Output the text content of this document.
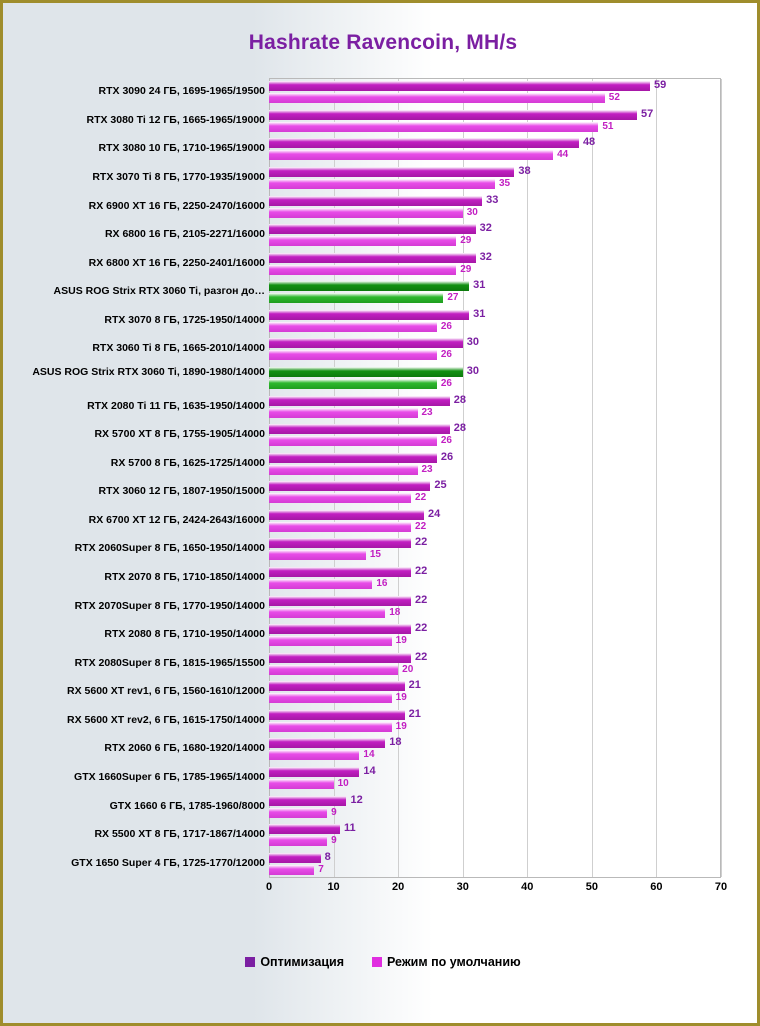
Hashrate Ravencoin, MH/s
RTX 3090 24 ГБ, 1695-1965/19500	59
52
RTX 3080 Ti 12 ГБ, 1665-1965/19000	57
51
RTX 3080 10 ГБ, 1710-1965/19000	48
44
RTX 3070 Ti 8 ГБ, 1770-1935/19000	38
35
RX 6900 XT 16 ГБ, 2250-2470/16000	33
30
RX 6800 16 ГБ, 2105-2271/16000	32
29
RX 6800 XT 16 ГБ, 2250-2401/16000	32
29
ASUS ROG Strix RTX 3060 Ti, разгон до…	31
27
RTX 3070 8 ГБ, 1725-1950/14000	31
26
RTX 3060 Ti 8 ГБ, 1665-2010/14000	30
26
ASUS ROG Strix RTX 3060 Ti, 1890-1980/14000	30
26
RTX 2080 Ti 11 ГБ, 1635-1950/14000	28
23
RX 5700 XT 8 ГБ, 1755-1905/14000	28
26
RX 5700 8 ГБ, 1625-1725/14000	26
23
RTX 3060 12 ГБ, 1807-1950/15000	25
22
RX 6700 XT 12 ГБ, 2424-2643/16000	24
22
RTX 2060Super 8 ГБ, 1650-1950/14000	22
15
RTX 2070 8 ГБ, 1710-1850/14000	22
16
RTX 2070Super 8 ГБ, 1770-1950/14000	22
18
RTX 2080 8 ГБ, 1710-1950/14000	22
19
RTX 2080Super 8 ГБ, 1815-1965/15500	22
20
RX 5600 XT rev1, 6 ГБ, 1560-1610/12000	21
19
RX 5600 XT rev2, 6 ГБ, 1615-1750/14000	21
19
RTX 2060 6 ГБ, 1680-1920/14000	18
14
GTX 1660Super 6 ГБ, 1785-1965/14000	14
10
GTX 1660 6 ГБ, 1785-1960/8000	12
9
RX 5500 XT 8 ГБ, 1717-1867/14000	11
9
GTX 1650 Super 4 ГБ, 1725-1770/12000	8
7
0	10	20	30	40	50	60	70
Оптимизация	Режим по умолчанию
